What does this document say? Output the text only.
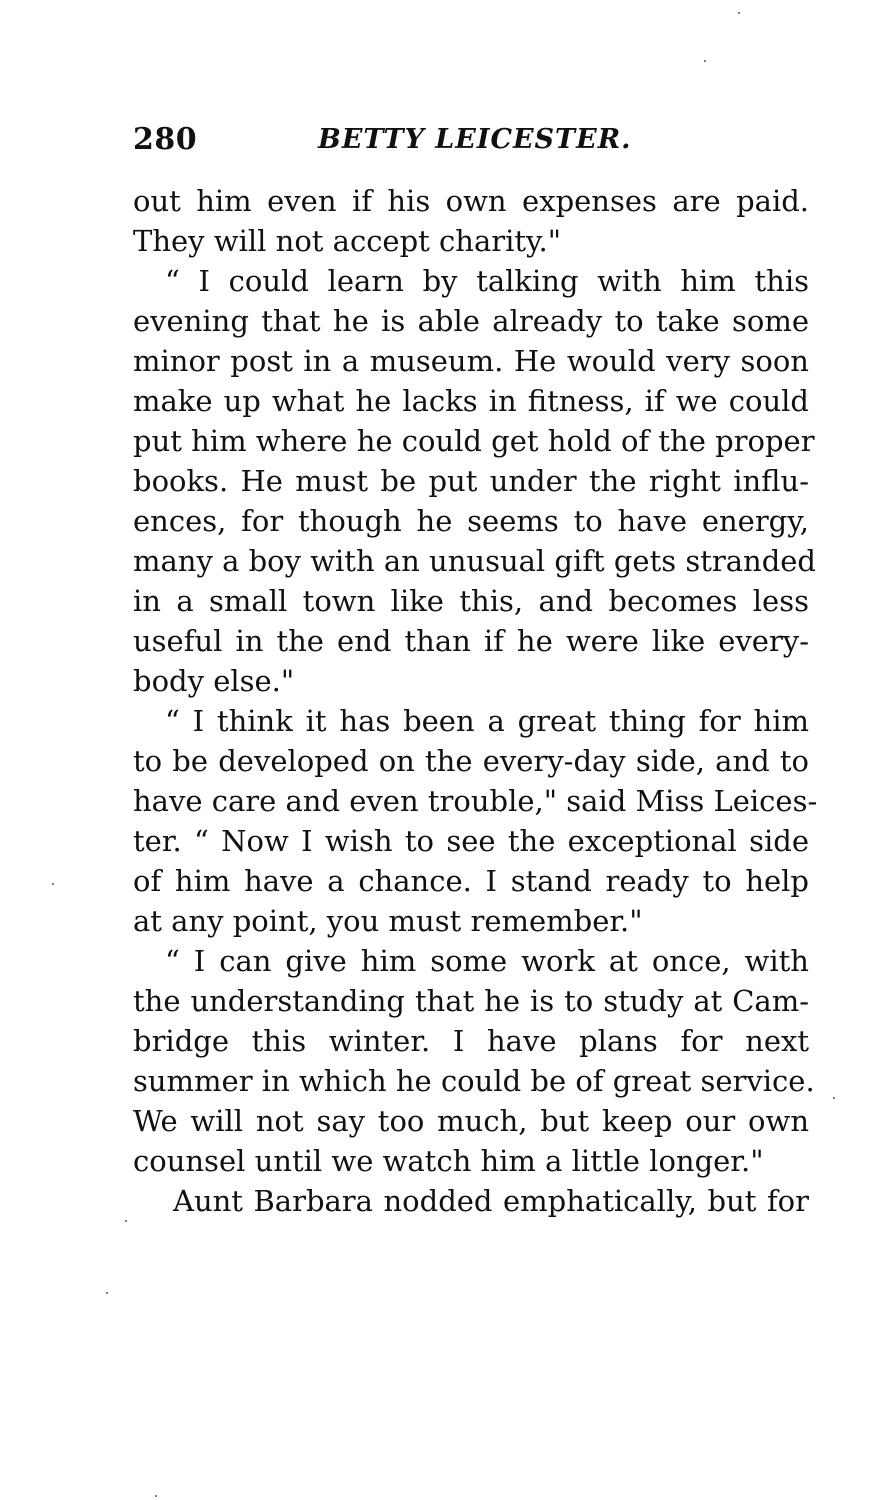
280	BETTY LEICESTER.
out him even if his own expenses are paid.
They will not accept charity."
“ I could learn by talking with him this
evening that he is able already to take some
minor post in a museum. He would very soon
make up what he lacks in fitness, if we could
put him where he could get hold of the proper
books. He must be put under the right influ-
ences, for though he seems to have energy,
many a boy with an unusual gift gets stranded
in a small town like this, and becomes less
useful in the end than if he were like every-
body else."
“ I think it has been a great thing for him
to be developed on the every-day side, and to
have care and even trouble," said Miss Leices-
ter. “ Now I wish to see the exceptional side
of him have a chance. I stand ready to help
at any point, you must remember."
“ I can give him some work at once, with
the understanding that he is to study at Cam-
bridge this winter. I have plans for next
summer in which he could be of great service.
We will not say too much, but keep our own
counsel until we watch him a little longer."
Aunt Barbara nodded emphatically, but for
